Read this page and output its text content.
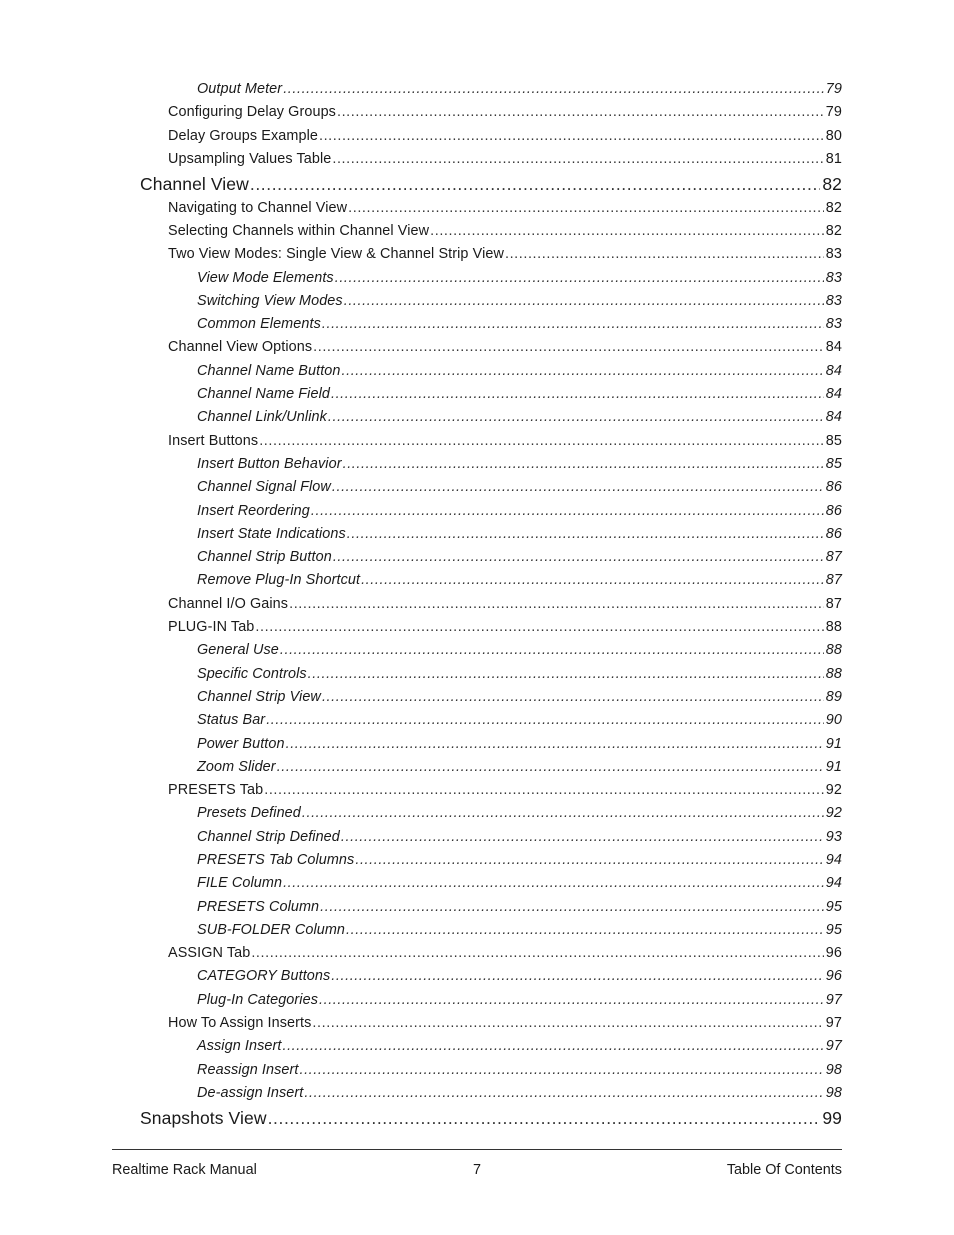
Output Meter .....	79
Configuring Delay Groups .....	79
Delay Groups Example .....	80
Upsampling Values Table .....	81
Channel View .....	82
Navigating to Channel View .....	82
Selecting Channels within Channel View .....	82
Two View Modes: Single View & Channel Strip View .....	83
View Mode Elements .....	83
Switching View Modes .....	83
Common Elements .....	83
Channel View Options .....	84
Channel Name Button .....	84
Channel Name Field .....	84
Channel Link/Unlink .....	84
Insert Buttons .....	85
Insert Button Behavior .....	85
Channel Signal Flow .....	86
Insert Reordering .....	86
Insert State Indications .....	86
Channel Strip Button .....	87
Remove Plug-In Shortcut .....	87
Channel I/O Gains .....	87
PLUG-IN Tab .....	88
General Use .....	88
Specific Controls .....	88
Channel Strip View .....	89
Status Bar .....	90
Power Button .....	91
Zoom Slider .....	91
PRESETS Tab .....	92
Presets Defined .....	92
Channel Strip Defined .....	93
PRESETS Tab Columns .....	94
FILE Column .....	94
PRESETS Column .....	95
SUB-FOLDER Column .....	95
ASSIGN Tab .....	96
CATEGORY Buttons .....	96
Plug-In Categories .....	97
How To Assign Inserts .....	97
Assign Insert .....	97
Reassign Insert .....	98
De-assign Insert .....	98
Snapshots View .....	99
Realtime Rack Manual	7	Table Of Contents
